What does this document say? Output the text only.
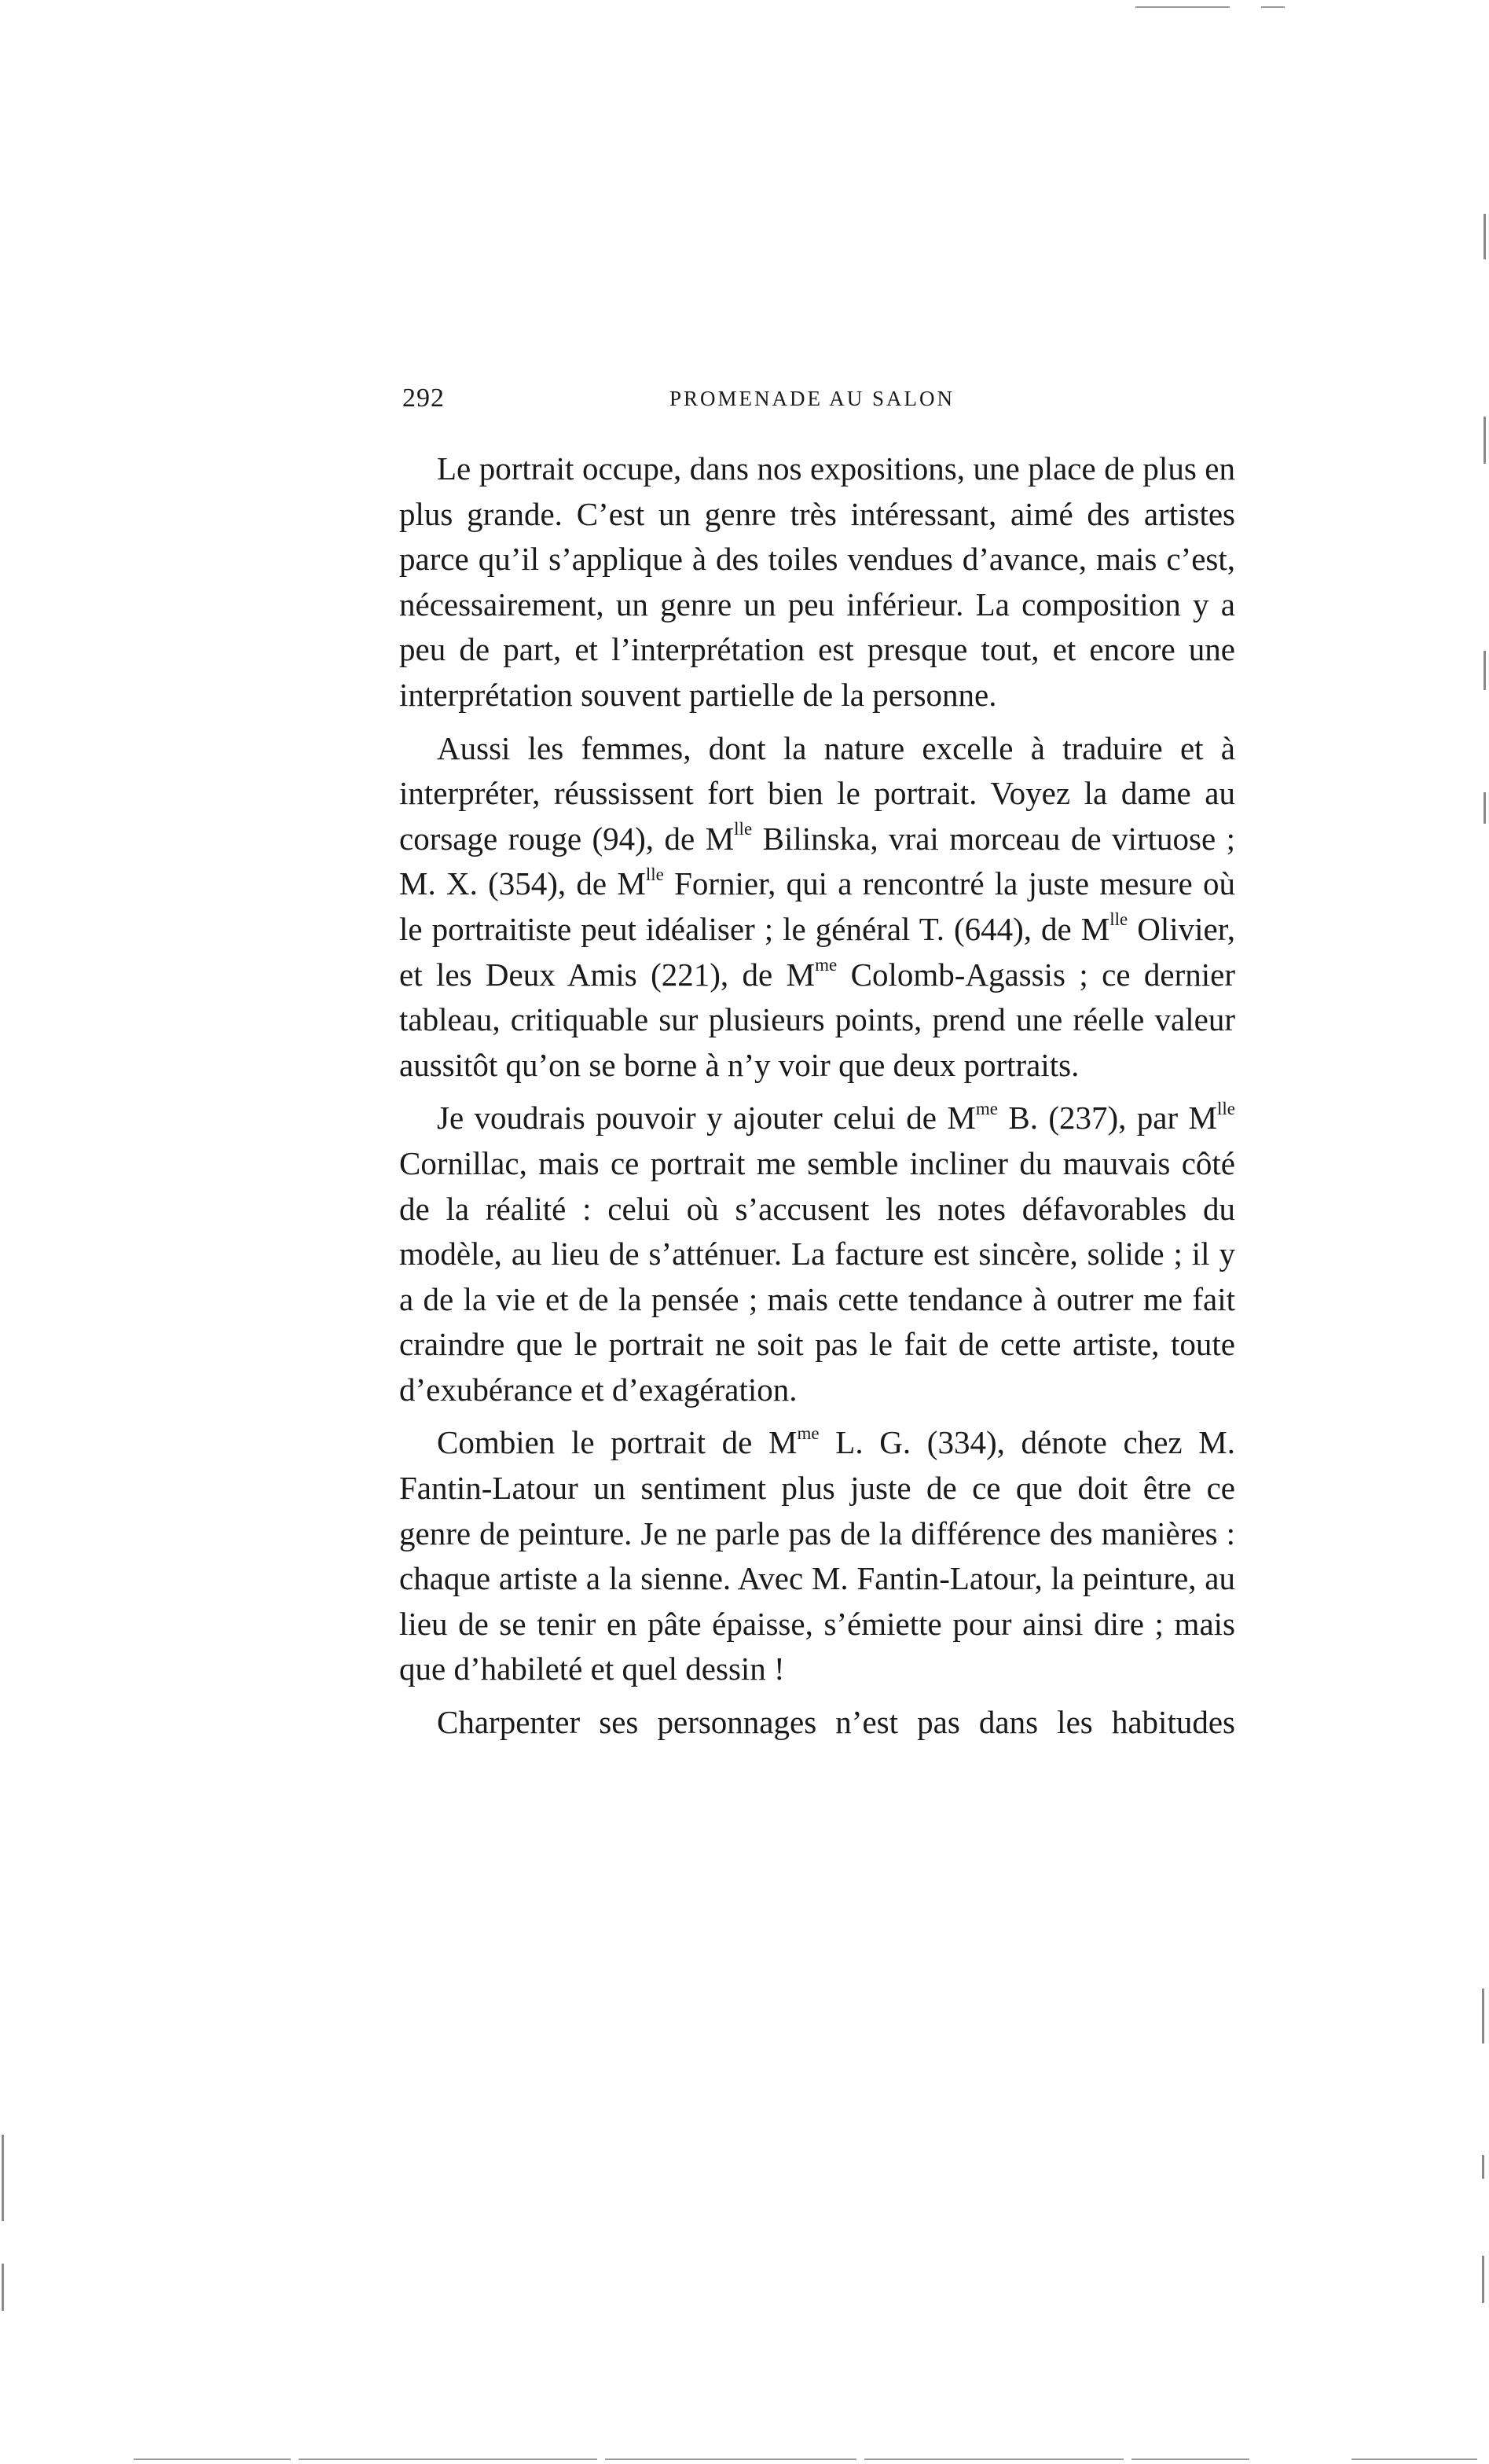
292	PROMENADE AU SALON

Le portrait occupe, dans nos expositions, une place de plus en plus grande. C’est un genre très intéressant, aimé des artistes parce qu’il s’applique à des toiles vendues d’avance, mais c’est, nécessairement, un genre un peu inférieur. La composition y a peu de part, et l’interprétation est presque tout, et encore une interprétation souvent partielle de la personne.

Aussi les femmes, dont la nature excelle à traduire et à interpréter, réussissent fort bien le portrait. Voyez la dame au corsage rouge (94), de $M^{lle}$ Bilinska, vrai morceau de virtuose ; M. X. (354), de $M^{lle}$ Fornier, qui a rencontré la juste mesure où le portraitiste peut idéaliser ; le général T. (644), de $M^{lle}$ Olivier, et les Deux Amis (221), de $M^{me}$ Colomb-Agassis ; ce dernier tableau, critiquable sur plusieurs points, prend une réelle valeur aussitôt qu’on se borne à n’y voir que deux portraits.

Je voudrais pouvoir y ajouter celui de $M^{me}$ B. (237), par $M^{lle}$ Cornillac, mais ce portrait me semble incliner du mauvais côté de la réalité : celui où s’accusent les notes défavorables du modèle, au lieu de s’atténuer. La facture est sincère, solide ; il y a de la vie et de la pensée ; mais cette tendance à outrer me fait craindre que le portrait ne soit pas le fait de cette artiste, toute d’exubérance et d’exagération.

Combien le portrait de $M^{me}$ L. G. (334), dénote chez M. Fantin-Latour un sentiment plus juste de ce que doit être ce genre de peinture. Je ne parle pas de la différence des manières : chaque artiste a la sienne. Avec M. Fantin-Latour, la peinture, au lieu de se tenir en pâte épaisse, s’émiette pour ainsi dire ; mais que d’habileté et quel dessin !

Charpenter ses personnages n’est pas dans les habitudes
